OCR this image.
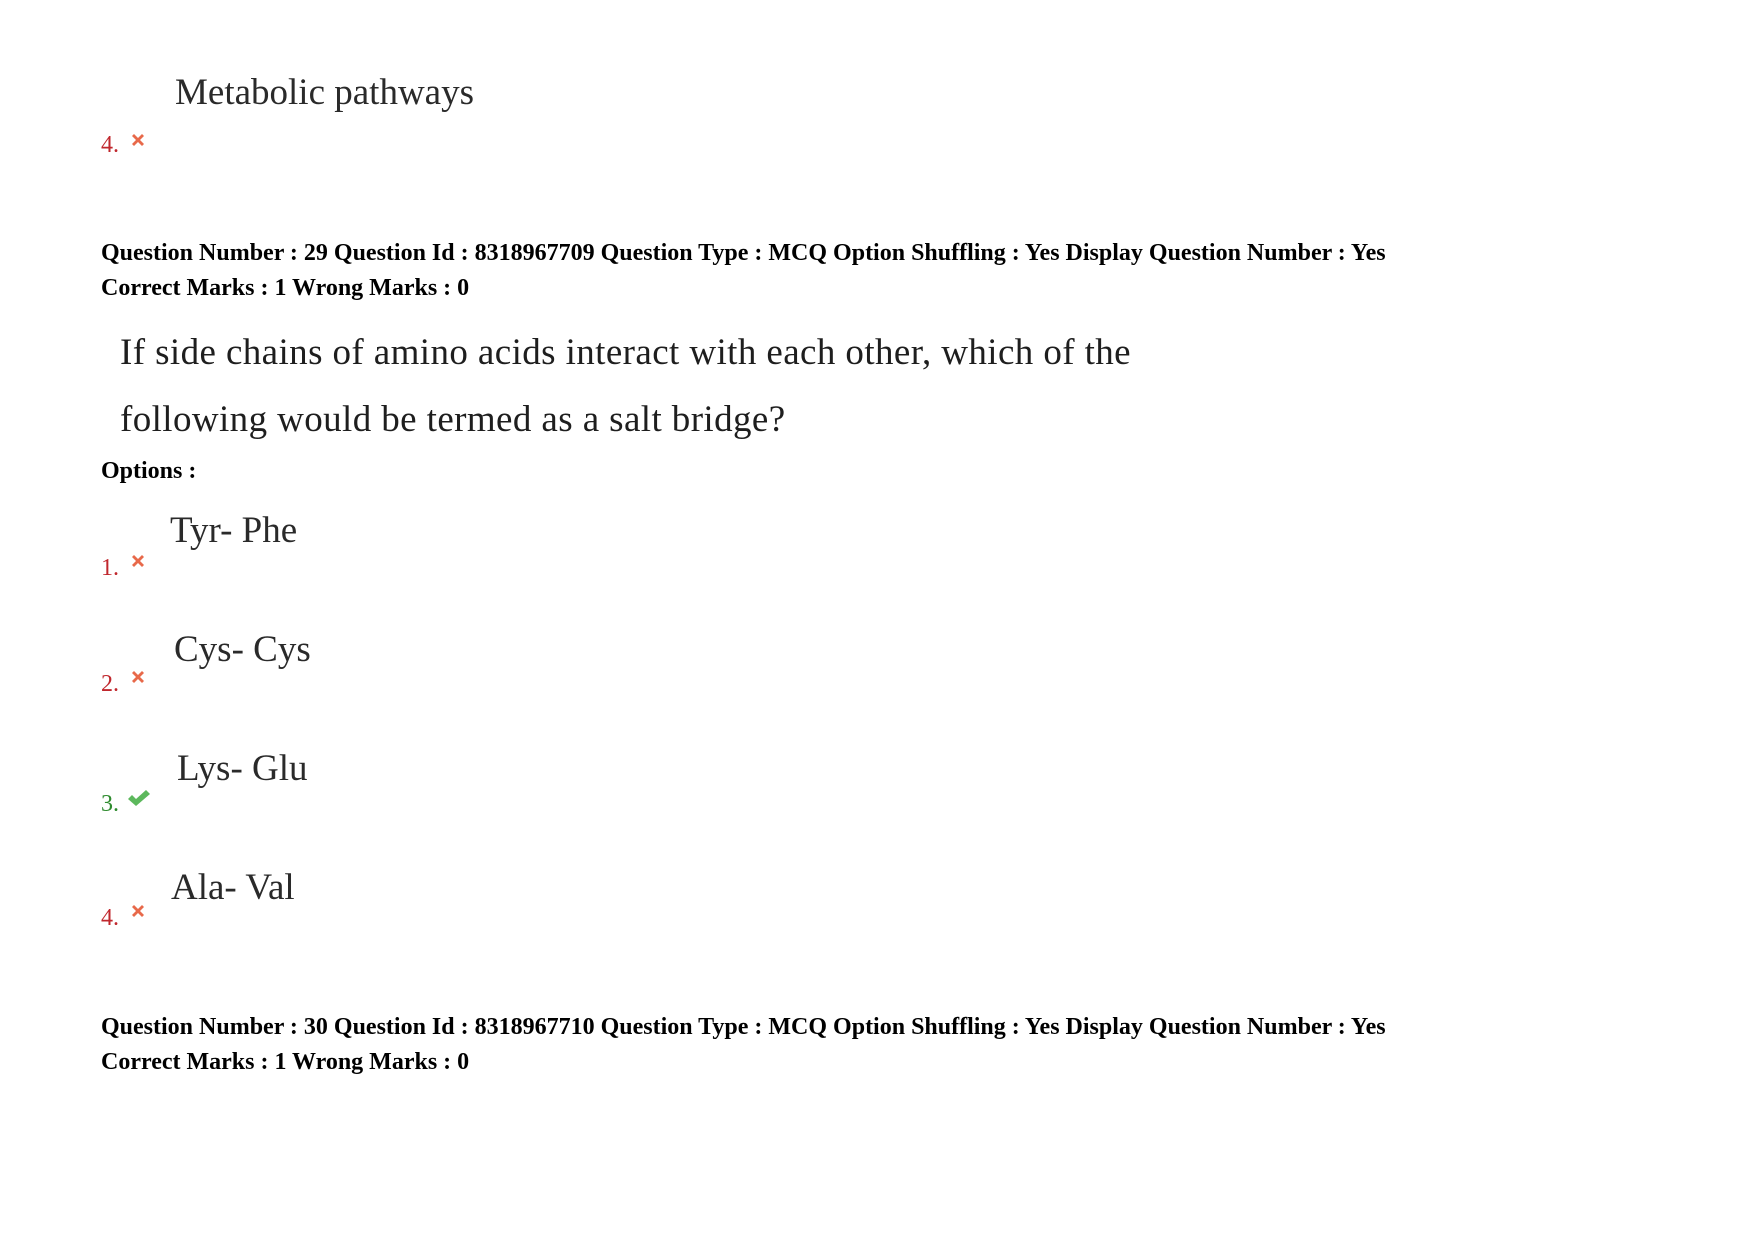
Metabolic pathways
4.
Question Number : 29 Question Id : 8318967709 Question Type : MCQ Option Shuffling : Yes Display Question Number : Yes
Correct Marks : 1 Wrong Marks : 0
If side chains of amino acids interact with each other, which of the
following would be termed as a salt bridge?
Options :
Tyr- Phe
1.
Cys- Cys
2.
Lys- Glu
3.
Ala- Val
4.
Question Number : 30 Question Id : 8318967710 Question Type : MCQ Option Shuffling : Yes Display Question Number : Yes
Correct Marks : 1 Wrong Marks : 0
